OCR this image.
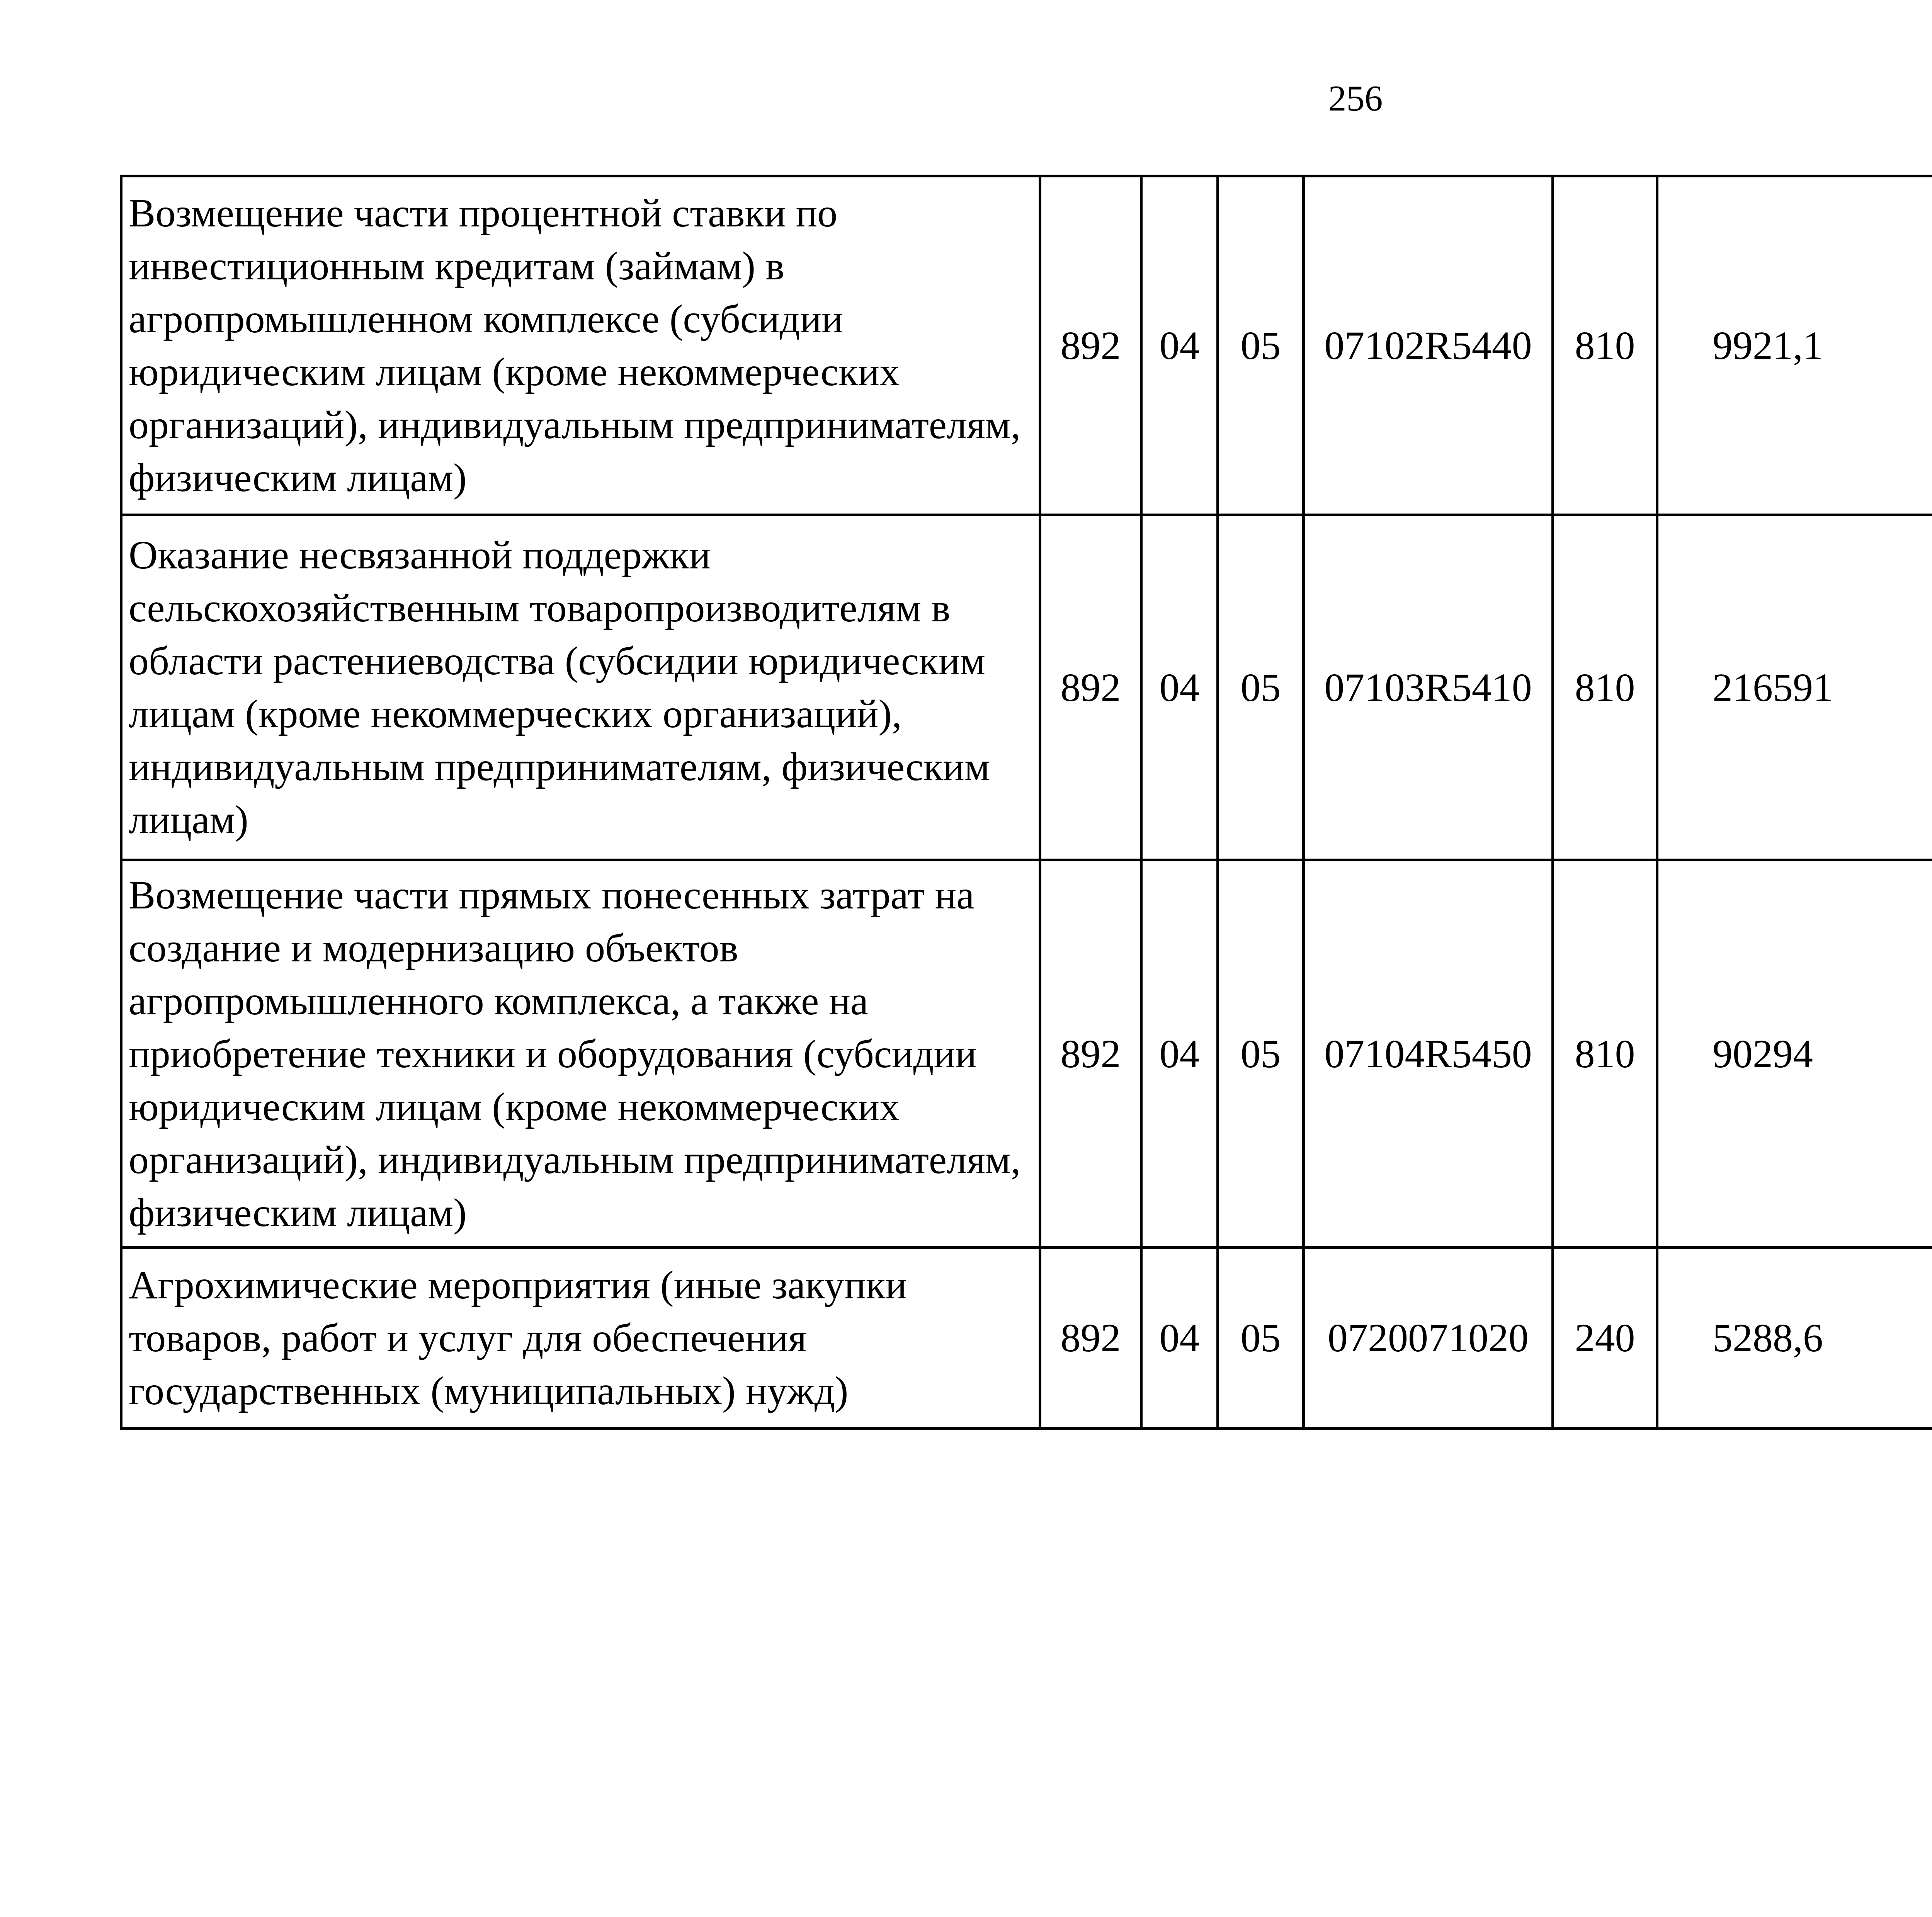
256
Возмещение части процентной ставки по инвестиционным кредитам (займам) в агропромышленном комплексе (субсидии юридическим лицам (кроме некоммерческих организаций), индивидуальным предпринимателям, физическим лицам)	892	04	05	07102R5440	810	9921,1		
Оказание несвязанной поддержки сельскохозяйственным товаропроизводителям в области растениеводства (субсидии юридическим лицам (кроме некоммерческих организаций), индивидуальным предпринимателям, физическим лицам)	892	04	05	07103R5410	810	216591		
Возмещение части прямых понесенных затрат на создание и модернизацию объектов агропромышленного комплекса, а также на приобретение техники и оборудования (субсидии юридическим лицам (кроме некоммерческих организаций), индивидуальным предпринимателям, физическим лицам)	892	04	05	07104R5450	810	90294		
Агрохимические мероприятия (иные закупки товаров, работ и услуг для обеспечения государственных (муниципальных) нужд)	892	04	05	0720071020	240	5288,6		
